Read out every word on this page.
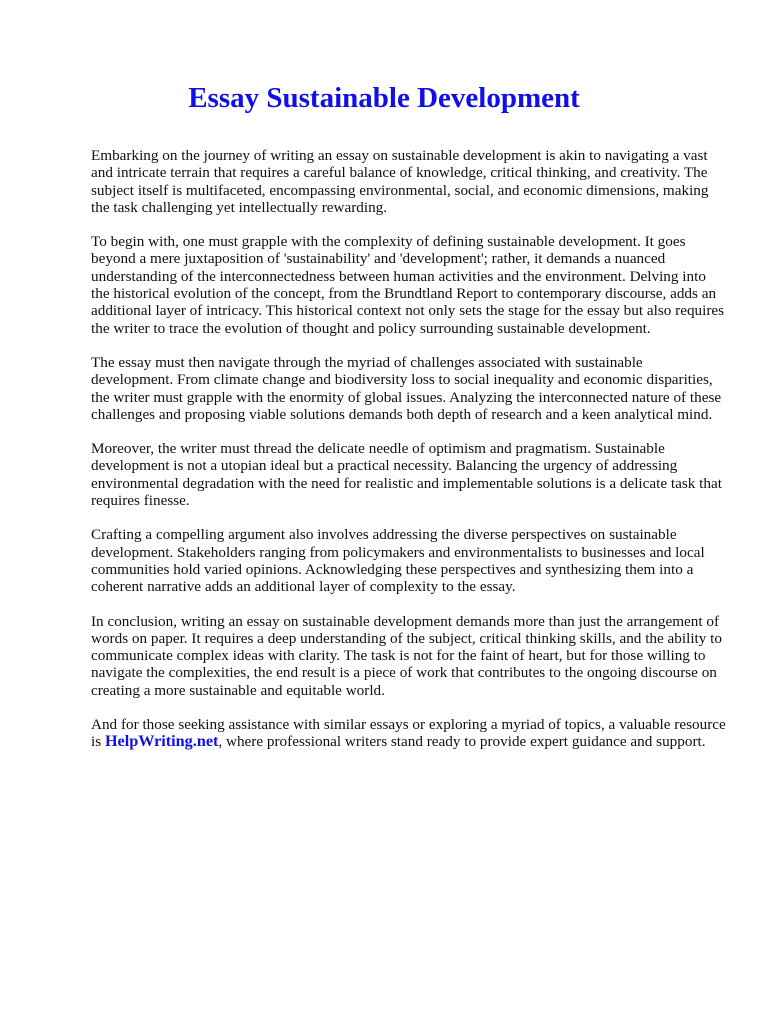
Essay Sustainable Development

Embarking on the journey of writing an essay on sustainable development is akin to navigating a vast and intricate terrain that requires a careful balance of knowledge, critical thinking, and creativity. The subject itself is multifaceted, encompassing environmental, social, and economic dimensions, making the task challenging yet intellectually rewarding.

To begin with, one must grapple with the complexity of defining sustainable development. It goes beyond a mere juxtaposition of 'sustainability' and 'development'; rather, it demands a nuanced understanding of the interconnectedness between human activities and the environment. Delving into the historical evolution of the concept, from the Brundtland Report to contemporary discourse, adds an additional layer of intricacy. This historical context not only sets the stage for the essay but also requires the writer to trace the evolution of thought and policy surrounding sustainable development.

The essay must then navigate through the myriad of challenges associated with sustainable development. From climate change and biodiversity loss to social inequality and economic disparities, the writer must grapple with the enormity of global issues. Analyzing the interconnected nature of these challenges and proposing viable solutions demands both depth of research and a keen analytical mind.

Moreover, the writer must thread the delicate needle of optimism and pragmatism. Sustainable development is not a utopian ideal but a practical necessity. Balancing the urgency of addressing environmental degradation with the need for realistic and implementable solutions is a delicate task that requires finesse.

Crafting a compelling argument also involves addressing the diverse perspectives on sustainable development. Stakeholders ranging from policymakers and environmentalists to businesses and local communities hold varied opinions. Acknowledging these perspectives and synthesizing them into a coherent narrative adds an additional layer of complexity to the essay.

In conclusion, writing an essay on sustainable development demands more than just the arrangement of words on paper. It requires a deep understanding of the subject, critical thinking skills, and the ability to communicate complex ideas with clarity. The task is not for the faint of heart, but for those willing to navigate the complexities, the end result is a piece of work that contributes to the ongoing discourse on creating a more sustainable and equitable world.

And for those seeking assistance with similar essays or exploring a myriad of topics, a valuable resource is HelpWriting.net, where professional writers stand ready to provide expert guidance and support.
